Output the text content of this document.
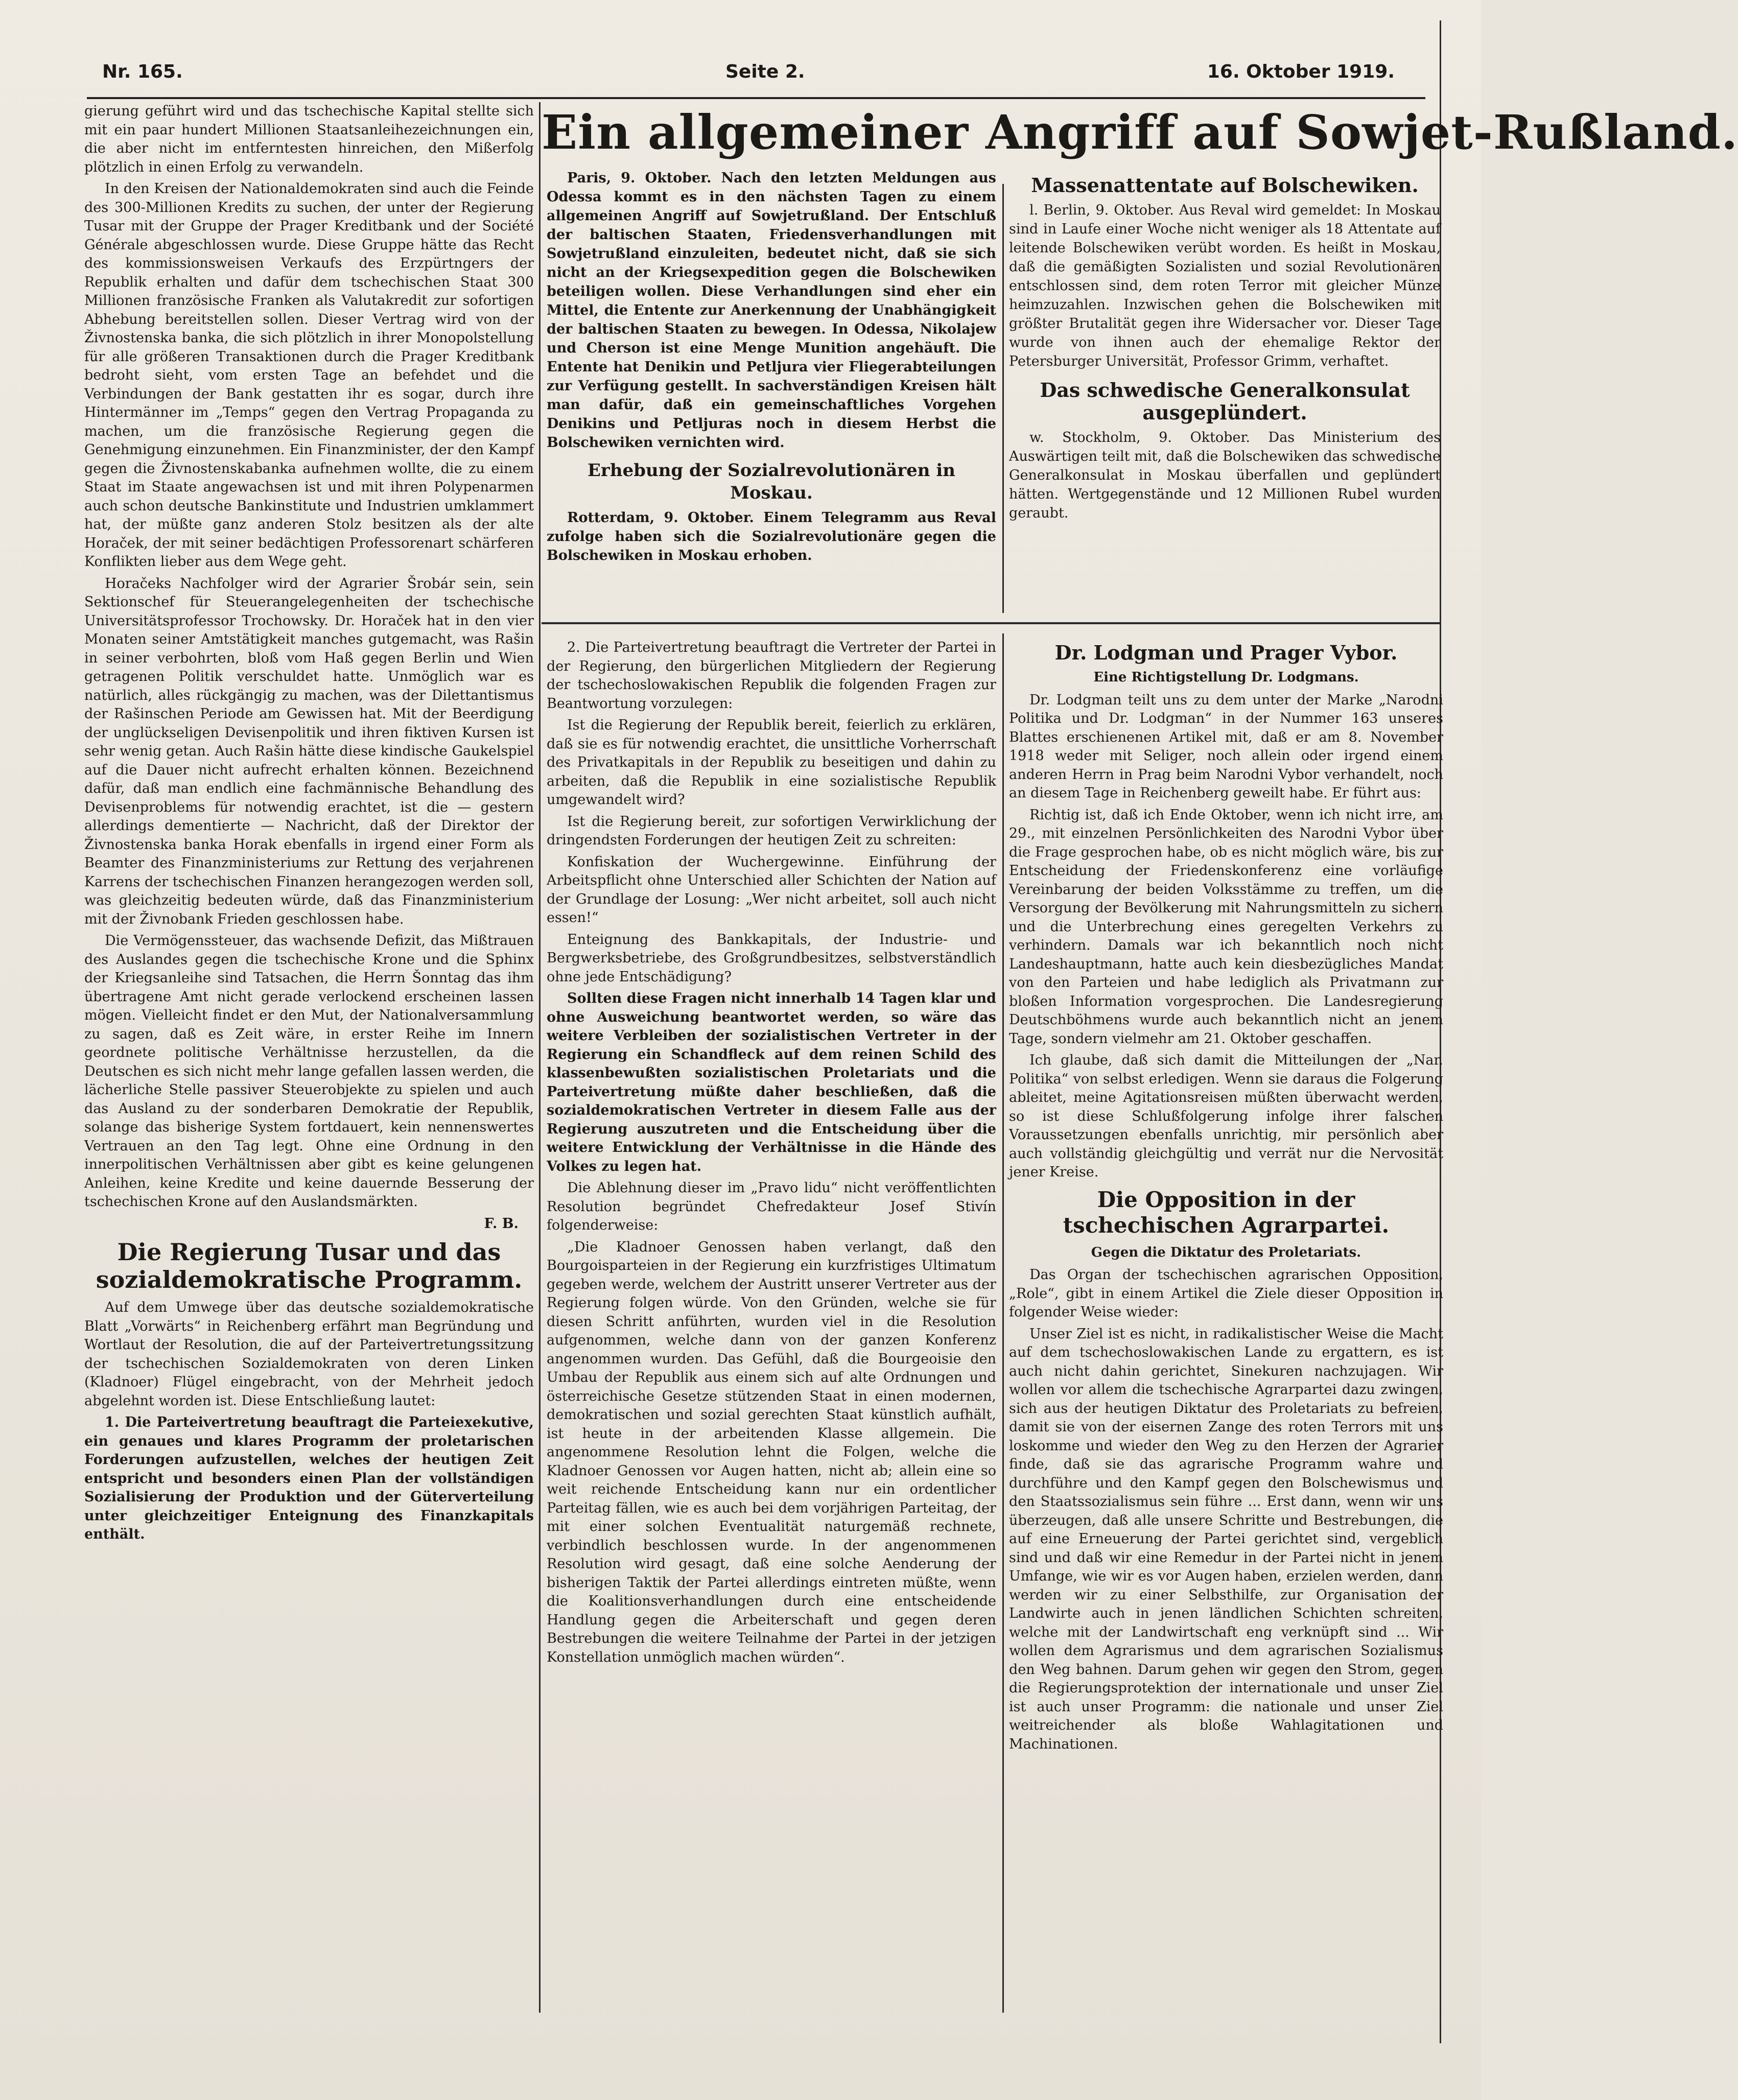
Nr. 165.	Seite 2.	16. Oktober 1919.
Ein allgemeiner Angriff auf Sowjet-Rußland.

Paris, 9. Oktober. Nach den letzten Meldungen aus Odessa kommt es in den nächsten Tagen zu einem allgemeinen Angriff auf Sowjetrußland. Der Entschluß der baltischen Staaten, Friedensverhandlungen mit Sowjetrußland einzuleiten, bedeutet nicht, daß sie sich nicht an der Kriegsexpedition gegen die Bolschewiken beteiligen wollen. Diese Verhandlungen sind eher ein Mittel, die Entente zur Anerkennung der Unabhängigkeit der baltischen Staaten zu bewegen. In Odessa, Nikolajew und Cherson ist eine Menge Munition angehäuft. Die Entente hat Denikin und Petljura vier Fliegerabteilungen zur Verfügung gestellt. In sachverständigen Kreisen hält man dafür, daß ein gemeinschaftliches Vorgehen Denikins und Petljuras noch in diesem Herbst die Bolschewiken vernichten wird.

Erhebung der Sozialrevolutionären in Moskau.

Rotterdam, 9. Oktober. Einem Telegramm aus Reval zufolge haben sich die Sozialrevolutionäre gegen die Bolschewiken in Moskau erhoben.

Massenattentate auf Bolschewiken.

l. Berlin, 9. Oktober. Aus Reval wird gemeldet: In Moskau sind in Laufe einer Woche nicht weniger als 18 Attentate auf leitende Bolschewiken verübt worden. Es heißt in Moskau, daß die gemäßigten Sozialisten und sozial Revolutionären entschlossen sind, dem roten Terror mit gleicher Münze heimzuzahlen. Inzwischen gehen die Bolschewiken mit größter Brutalität gegen ihre Widersacher vor. Dieser Tage wurde von ihnen auch der ehemalige Rektor der Petersburger Universität, Professor Grimm, verhaftet.

Das schwedische Generalkonsulat ausgeplündert.

w. Stockholm, 9. Oktober. Das Ministerium des Auswärtigen teilt mit, daß die Bolschewiken das schwedische Generalkonsulat in Moskau überfallen und geplündert hätten. Wertgegenstände und 12 Millionen Rubel wurden geraubt.

gierung geführt wird und das tschechische Kapital stellte sich mit ein paar hundert Millionen Staatsanleihezeichnungen ein, die aber nicht im entferntesten hinreichen, den Mißerfolg plötzlich in einen Erfolg zu verwandeln.

In den Kreisen der Nationaldemokraten sind auch die Feinde des 300-Millionen Kredits zu suchen, der unter der Regierung Tusar mit der Gruppe der Prager Kreditbank und der Société Générale abgeschlossen wurde. Diese Gruppe hätte das Recht des kommissionsweisen Verkaufs des Erzpürtngers der Republik erhalten und dafür dem tschechischen Staat 300 Millionen französische Franken als Valutakredit zur sofortigen Abhebung bereitstellen sollen. Dieser Vertrag wird von der Živnostenska banka, die sich plötzlich in ihrer Monopolstellung für alle größeren Transaktionen durch die Prager Kreditbank bedroht sieht, vom ersten Tage an befehdet und die Verbindungen der Bank gestatten ihr es sogar, durch ihre Hintermänner im „Temps“ gegen den Vertrag Propaganda zu machen, um die französische Regierung gegen die Genehmigung einzunehmen. Ein Finanzminister, der den Kampf gegen die Živnostenskabanka aufnehmen wollte, die zu einem Staat im Staate angewachsen ist und mit ihren Polypenarmen auch schon deutsche Bankinstitute und Industrien umklammert hat, der müßte ganz anderen Stolz besitzen als der alte Horaček, der mit seiner bedächtigen Professorenart schärferen Konflikten lieber aus dem Wege geht.

Horačeks Nachfolger wird der Agrarier Šrobár sein, sein Sektionschef für Steuerangelegenheiten der tschechische Universitätsprofessor Trochowsky. Dr. Horaček hat in den vier Monaten seiner Amtstätigkeit manches gutgemacht, was Rašin in seiner verbohrten, bloß vom Haß gegen Berlin und Wien getragenen Politik verschuldet hatte. Unmöglich war es natürlich, alles rückgängig zu machen, was der Dilettantismus der Rašinschen Periode am Gewissen hat. Mit der Beerdigung der unglückseligen Devisenpolitik und ihren fiktiven Kursen ist sehr wenig getan. Auch Rašin hätte diese kindische Gaukelspiel auf die Dauer nicht aufrecht erhalten können. Bezeichnend dafür, daß man endlich eine fachmännische Behandlung des Devisenproblems für notwendig erachtet, ist die — gestern allerdings dementierte — Nachricht, daß der Direktor der Živnostenska banka Horak ebenfalls in irgend einer Form als Beamter des Finanzministeriums zur Rettung des verjahrenen Karrens der tschechischen Finanzen herangezogen werden soll, was gleichzeitig bedeuten würde, daß das Finanzministerium mit der Živnobank Frieden geschlossen habe.

Die Vermögenssteuer, das wachsende Defizit, das Mißtrauen des Auslandes gegen die tschechische Krone und die Sphinx der Kriegsanleihe sind Tatsachen, die Herrn Šonntag das ihm übertragene Amt nicht gerade verlockend erscheinen lassen mögen. Vielleicht findet er den Mut, der Nationalversammlung zu sagen, daß es Zeit wäre, in erster Reihe im Innern geordnete politische Verhältnisse herzustellen, da die Deutschen es sich nicht mehr lange gefallen lassen werden, die lächerliche Stelle passiver Steuerobjekte zu spielen und auch das Ausland zu der sonderbaren Demokratie der Republik, solange das bisherige System fortdauert, kein nennenswertes Vertrauen an den Tag legt. Ohne eine Ordnung in den innerpolitischen Verhältnissen aber gibt es keine gelungenen Anleihen, keine Kredite und keine dauernde Besserung der tschechischen Krone auf den Auslandsmärkten.

F. B.
Die Regierung Tusar und das sozialdemokratische Programm.

Auf dem Umwege über das deutsche sozialdemokratische Blatt „Vorwärts“ in Reichenberg erfährt man Begründung und Wortlaut der Resolution, die auf der Parteivertretungssitzung der tschechischen Sozialdemokraten von deren Linken (Kladnoer) Flügel eingebracht, von der Mehrheit jedoch abgelehnt worden ist. Diese Entschließung lautet:

1. Die Parteivertretung beauftragt die Parteiexekutive, ein genaues und klares Programm der proletarischen Forderungen aufzustellen, welches der heutigen Zeit entspricht und besonders einen Plan der vollständigen Sozialisierung der Produktion und der Güterverteilung unter gleichzeitiger Enteignung des Finanzkapitals enthält.

2. Die Parteivertretung beauftragt die Vertreter der Partei in der Regierung, den bürgerlichen Mitgliedern der Regierung der tschechoslowakischen Republik die folgenden Fragen zur Beantwortung vorzulegen:

Ist die Regierung der Republik bereit, feierlich zu erklären, daß sie es für notwendig erachtet, die unsittliche Vorherrschaft des Privatkapitals in der Republik zu beseitigen und dahin zu arbeiten, daß die Republik in eine sozialistische Republik umgewandelt wird?

Ist die Regierung bereit, zur sofortigen Verwirklichung der dringendsten Forderungen der heutigen Zeit zu schreiten:

Konfiskation der Wuchergewinne. Einführung der Arbeitspflicht ohne Unterschied aller Schichten der Nation auf der Grundlage der Losung: „Wer nicht arbeitet, soll auch nicht essen!“

Enteignung des Bankkapitals, der Industrie- und Bergwerksbetriebe, des Großgrundbesitzes, selbstverständlich ohne jede Entschädigung?

Sollten diese Fragen nicht innerhalb 14 Tagen klar und ohne Ausweichung beantwortet werden, so wäre das weitere Verbleiben der sozialistischen Vertreter in der Regierung ein Schandfleck auf dem reinen Schild des klassenbewußten sozialistischen Proletariats und die Parteivertretung müßte daher beschließen, daß die sozialdemokratischen Vertreter in diesem Falle aus der Regierung auszutreten und die Entscheidung über die weitere Entwicklung der Verhältnisse in die Hände des Volkes zu legen hat.

Die Ablehnung dieser im „Pravo lidu“ nicht veröffentlichten Resolution begründet Chefredakteur Josef Stivín folgenderweise:

„Die Kladnoer Genossen haben verlangt, daß den Bourgoisparteien in der Regierung ein kurzfristiges Ultimatum gegeben werde, welchem der Austritt unserer Vertreter aus der Regierung folgen würde. Von den Gründen, welche sie für diesen Schritt anführten, wurden viel in die Resolution aufgenommen, welche dann von der ganzen Konferenz angenommen wurden. Das Gefühl, daß die Bourgeoisie den Umbau der Republik aus einem sich auf alte Ordnungen und österreichische Gesetze stützenden Staat in einen modernen, demokratischen und sozial gerechten Staat künstlich aufhält, ist heute in der arbeitenden Klasse allgemein. Die angenommene Resolution lehnt die Folgen, welche die Kladnoer Genossen vor Augen hatten, nicht ab; allein eine so weit reichende Entscheidung kann nur ein ordentlicher Parteitag fällen, wie es auch bei dem vorjährigen Parteitag, der mit einer solchen Eventualität naturgemäß rechnete, verbindlich beschlossen wurde. In der angenommenen Resolution wird gesagt, daß eine solche Aenderung der bisherigen Taktik der Partei allerdings eintreten müßte, wenn die Koalitionsverhandlungen durch eine entscheidende Handlung gegen die Arbeiterschaft und gegen deren Bestrebungen die weitere Teilnahme der Partei in der jetzigen Konstellation unmöglich machen würden“.

Dr. Lodgman und Prager Vybor.
Eine Richtigstellung Dr. Lodgmans.

Dr. Lodgman teilt uns zu dem unter der Marke „Narodni Politika und Dr. Lodgman“ in der Nummer 163 unseres Blattes erschienenen Artikel mit, daß er am 8. November 1918 weder mit Seliger, noch allein oder irgend einem anderen Herrn in Prag beim Narodni Vybor verhandelt, noch an diesem Tage in Reichenberg geweilt habe. Er führt aus:

Richtig ist, daß ich Ende Oktober, wenn ich nicht irre, am 29., mit einzelnen Persönlichkeiten des Narodni Vybor über die Frage gesprochen habe, ob es nicht möglich wäre, bis zur Entscheidung der Friedenskonferenz eine vorläufige Vereinbarung der beiden Volksstämme zu treffen, um die Versorgung der Bevölkerung mit Nahrungsmitteln zu sichern und die Unterbrechung eines geregelten Verkehrs zu verhindern. Damals war ich bekanntlich noch nicht Landeshauptmann, hatte auch kein diesbezügliches Mandat von den Parteien und habe lediglich als Privatmann zur bloßen Information vorgesprochen. Die Landesregierung Deutschböhmens wurde auch bekanntlich nicht an jenem Tage, sondern vielmehr am 21. Oktober geschaffen.

Ich glaube, daß sich damit die Mitteilungen der „Nar. Politika“ von selbst erledigen. Wenn sie daraus die Folgerung ableitet, meine Agitationsreisen müßten überwacht werden, so ist diese Schlußfolgerung infolge ihrer falschen Voraussetzungen ebenfalls unrichtig, mir persönlich aber auch vollständig gleichgültig und verrät nur die Nervosität jener Kreise.

Die Opposition in der tschechischen Agrarpartei.
Gegen die Diktatur des Proletariats.

Das Organ der tschechischen agrarischen Opposition, „Role“, gibt in einem Artikel die Ziele dieser Opposition in folgender Weise wieder:

Unser Ziel ist es nicht, in radikalistischer Weise die Macht auf dem tschechoslowakischen Lande zu ergattern, es ist auch nicht dahin gerichtet, Sinekuren nachzujagen. Wir wollen vor allem die tschechische Agrarpartei dazu zwingen, sich aus der heutigen Diktatur des Proletariats zu befreien, damit sie von der eisernen Zange des roten Terrors mit uns loskomme und wieder den Weg zu den Herzen der Agrarier finde, daß sie das agrarische Programm wahre und durchführe und den Kampf gegen den Bolschewismus und den Staatssozialismus sein führe ... Erst dann, wenn wir uns überzeugen, daß alle unsere Schritte und Bestrebungen, die auf eine Erneuerung der Partei gerichtet sind, vergeblich sind und daß wir eine Remedur in der Partei nicht in jenem Umfange, wie wir es vor Augen haben, erzielen werden, dann werden wir zu einer Selbsthilfe, zur Organisation der Landwirte auch in jenen ländlichen Schichten schreiten, welche mit der Landwirtschaft eng verknüpft sind ... Wir wollen dem Agrarismus und dem agrarischen Sozialismus den Weg bahnen. Darum gehen wir gegen den Strom, gegen die Regierungsprotektion der internationale und unser Ziel ist auch unser Programm: die nationale und unser Ziel weitreichender als bloße Wahlagitationen und Machinationen.
